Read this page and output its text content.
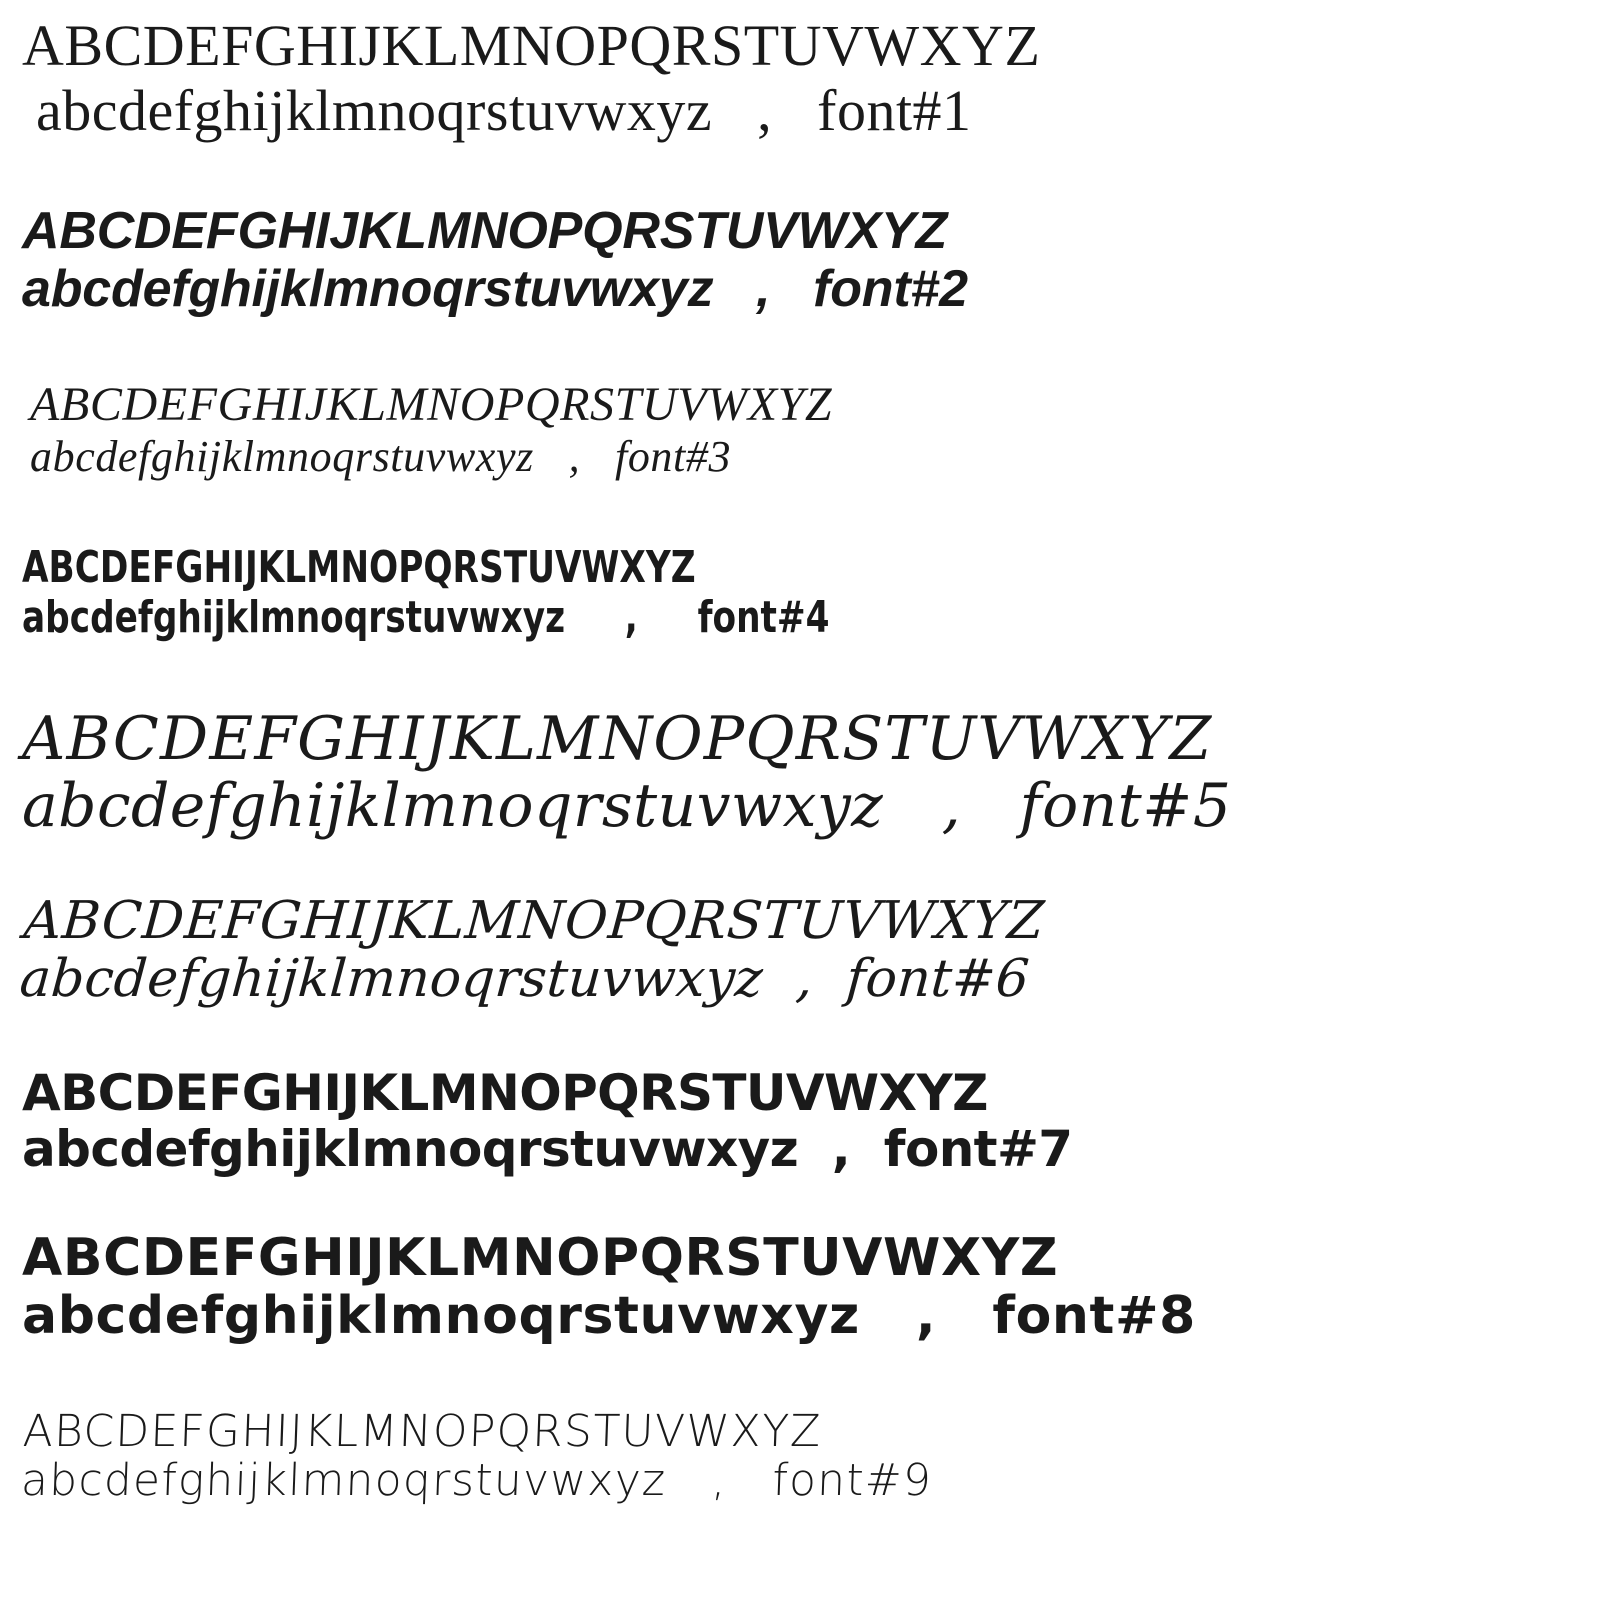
ABCDEFGHIJKLMNOPQRSTUVWXYZ
abcdefghijklmnoqrstuvwxyz   ,   font#1
ABCDEFGHIJKLMNOPQRSTUVWXYZ
abcdefghijklmnoqrstuvwxyz   ,   font#2
ABCDEFGHIJKLMNOPQRSTUVWXYZ
abcdefghijklmnoqrstuvwxyz   ,   font#3
ABCDEFGHIJKLMNOPQRSTUVWXYZ
abcdefghijklmnoqrstuvwxyz     ,     font#4
ABCDEFGHIJKLMNOPQRSTUVWXYZ
abcdefghijklmnoqrstuvwxyz   ,   font#5
ABCDEFGHIJKLMNOPQRSTUVWXYZ
abcdefghijklmnoqrstuvwxyz  ,  font#6
ABCDEFGHIJKLMNOPQRSTUVWXYZ
abcdefghijklmnoqrstuvwxyz  ,  font#7
ABCDEFGHIJKLMNOPQRSTUVWXYZ
abcdefghijklmnoqrstuvwxyz   ,   font#8
ABCDEFGHIJKLMNOPQRSTUVWXYZ
abcdefghijklmnoqrstuvwxyz   ,   font#9
